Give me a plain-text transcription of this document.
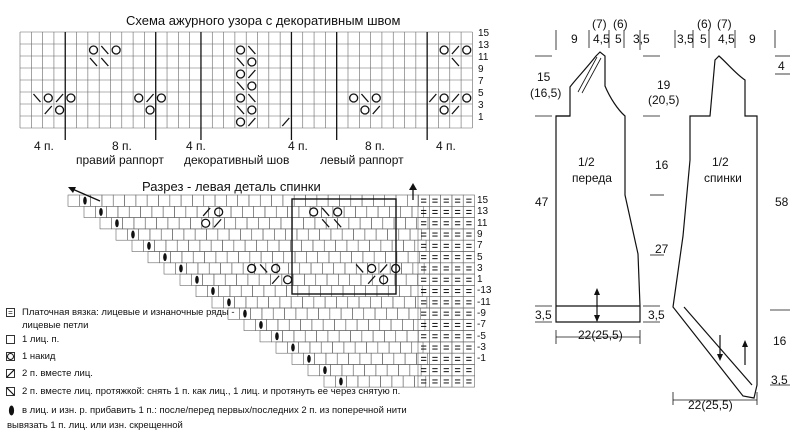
Схема ажурного узора с декоративным швом
15
13
11
9
7
5
3
1
4 п.	8 п.	4 п.	4 п.	8 п.	4 п.
правий раппорт декоративный шов	левый раппорт
Разрез - левая деталь спинки
15
13
11
9
7
5
3
1
-13
-11
-9
-7
-5
-3
-1
= Платочная вязка: лицевые и изнаночные ряды -
лицевые петли
1 лиц. п.
1 накид
2 п. вместе лиц.
2 п. вместе лиц. протяжкой: снять 1 п. как лиц., 1 лиц. и протянуть ее через снятую п.
в лиц. и изн. р. прибавить 1 п.: после/перед первых/последних 2 п. из поперечной нити
вывязать 1 п. лиц. или изн. скрещенной
9
(7) (6)
4,5 5 3,5
15
(16,5)
19
(20,5)
1/2
переда
47
16
27
3,5	3,5
22(25,5)
3,5
(6) (7)
5 4,5 9
4
1/2
спинки
58
16
3,5
22(25,5)
